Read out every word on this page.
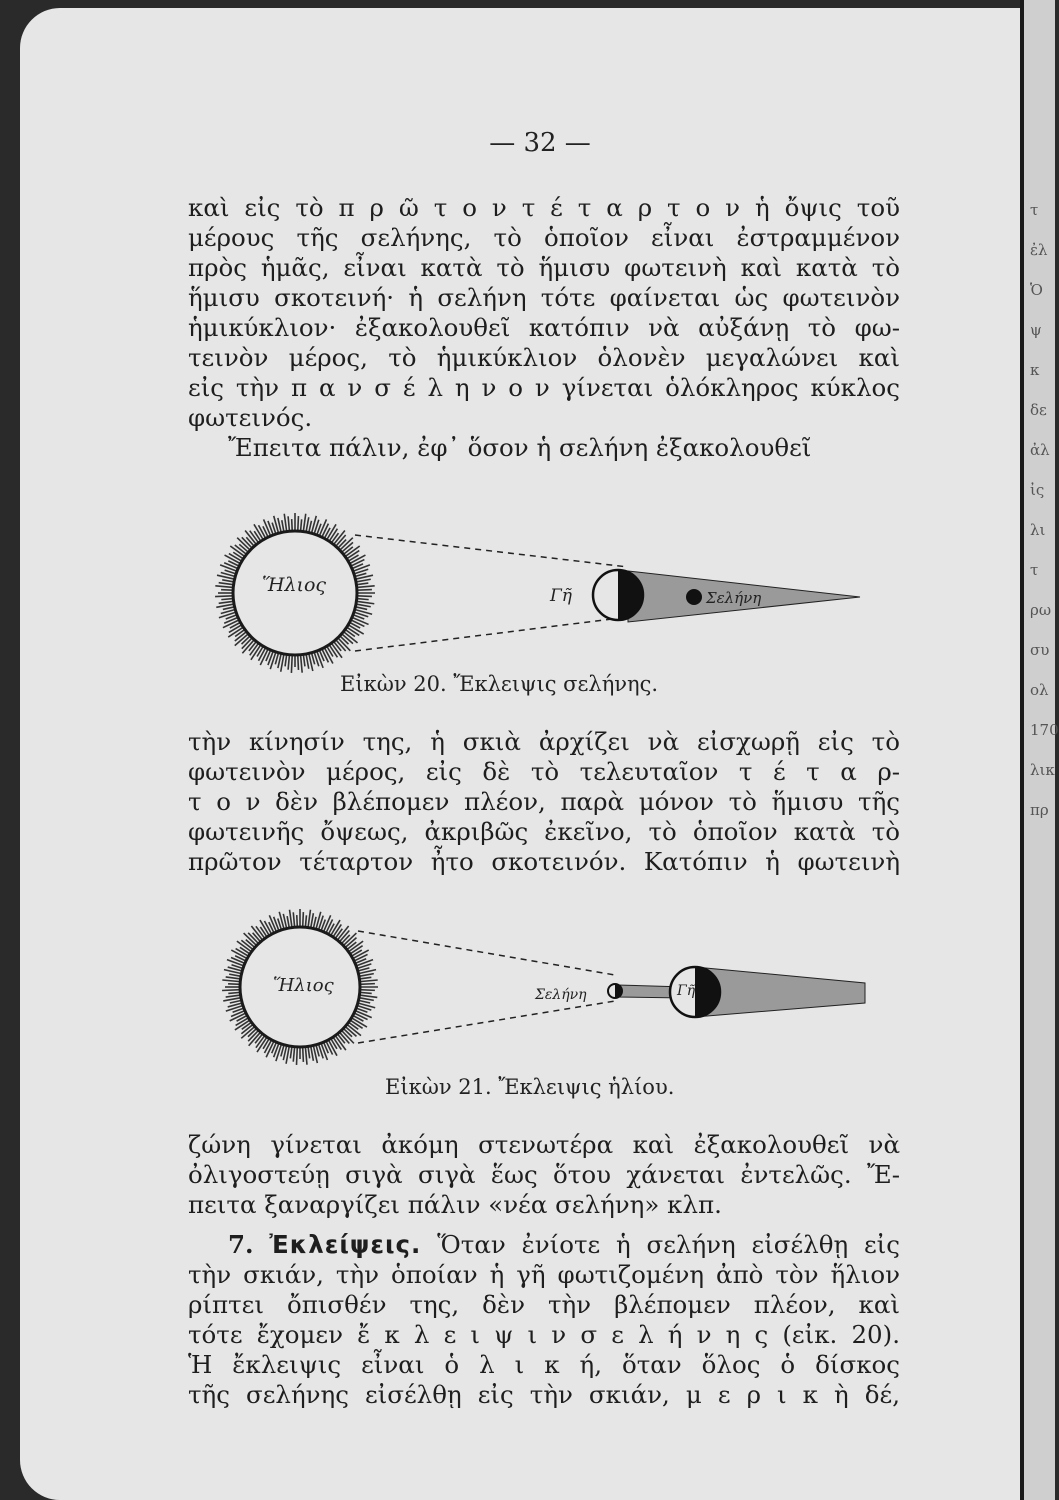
τ
ἐλ
Ὁ
ψ
κ
δε
ἀλ
ἰς
λι
τ
ρω
συ
ολ
170
λικ
πρ
— 32 —
καὶ εἰς τὸ π ρ ῶ τ ο ν τ έ τ α ρ τ ο ν ἡ ὄψις τοῦ
μέρους τῆς σελήνης, τὸ ὁποῖον εἶναι ἐστραμμένον
πρὸς ἡμᾶς, εἶναι κατὰ τὸ ἥμισυ φωτεινὴ καὶ κατὰ τὸ
ἥμισυ σκοτεινή· ἡ σελήνη τότε φαίνεται ὡς φωτεινὸν
ἡμικύκλιον· ἐξακολουθεῖ κατόπιν νὰ αὐξάνῃ τὸ φω-
τεινὸν μέρος, τὸ ἡμικύκλιον ὁλονὲν μεγαλώνει καὶ
εἰς τὴν π α ν σ έ λ η ν ο ν γίνεται ὁλόκληρος κύκλος
φωτεινός.
Ἔπειτα πάλιν, ἐφ᾽ ὅσον ἡ σελήνη ἐξακολουθεῖ
Ἥλιος	Γῆ	Σελήνη
Εἰκὼν 20. Ἔκλειψις σελήνης.
τὴν κίνησίν της, ἡ σκιὰ ἀρχίζει νὰ εἰσχωρῇ εἰς τὸ
φωτεινὸν μέρος, εἰς δὲ τὸ τελευταῖον τ έ τ α ρ-
τ ο ν δὲν βλέπομεν πλέον, παρὰ μόνον τὸ ἥμισυ τῆς
φωτεινῆς ὄψεως, ἀκριβῶς ἐκεῖνο, τὸ ὁποῖον κατὰ τὸ
πρῶτον τέταρτον ἦτο σκοτεινόν. Κατόπιν ἡ φωτεινὴ
Ἥλιος	Σελήνη	Γῆ
Εἰκὼν 21. Ἔκλειψις ἡλίου.
ζώνη γίνεται ἀκόμη στενωτέρα καὶ ἐξακολουθεῖ νὰ
ὀλιγοστεύῃ σιγὰ σιγὰ ἕως ὅτου χάνεται ἐντελῶς. Ἔ-
πειτα ξαναργίζει πάλιν «νέα σελήνη» κλπ.
7. Ἐκλείψεις. Ὅταν ἐνίοτε ἡ σελήνη εἰσέλθῃ εἰς
τὴν σκιάν, τὴν ὁποίαν ἡ γῆ φωτιζομένη ἀπὸ τὸν ἥλιον
ρίπτει ὄπισθέν της, δὲν τὴν βλέπομεν πλέον, καὶ
τότε ἔχομεν ἔ κ λ ε ι ψ ι ν σ ε λ ή ν η ς (εἰκ. 20).
Ἡ ἔκλειψις εἶναι ὁ λ ι κ ή, ὅταν ὅλος ὁ δίσκος
τῆς σελήνης εἰσέλθῃ εἰς τὴν σκιάν, μ ε ρ ι κ ὴ δέ,
